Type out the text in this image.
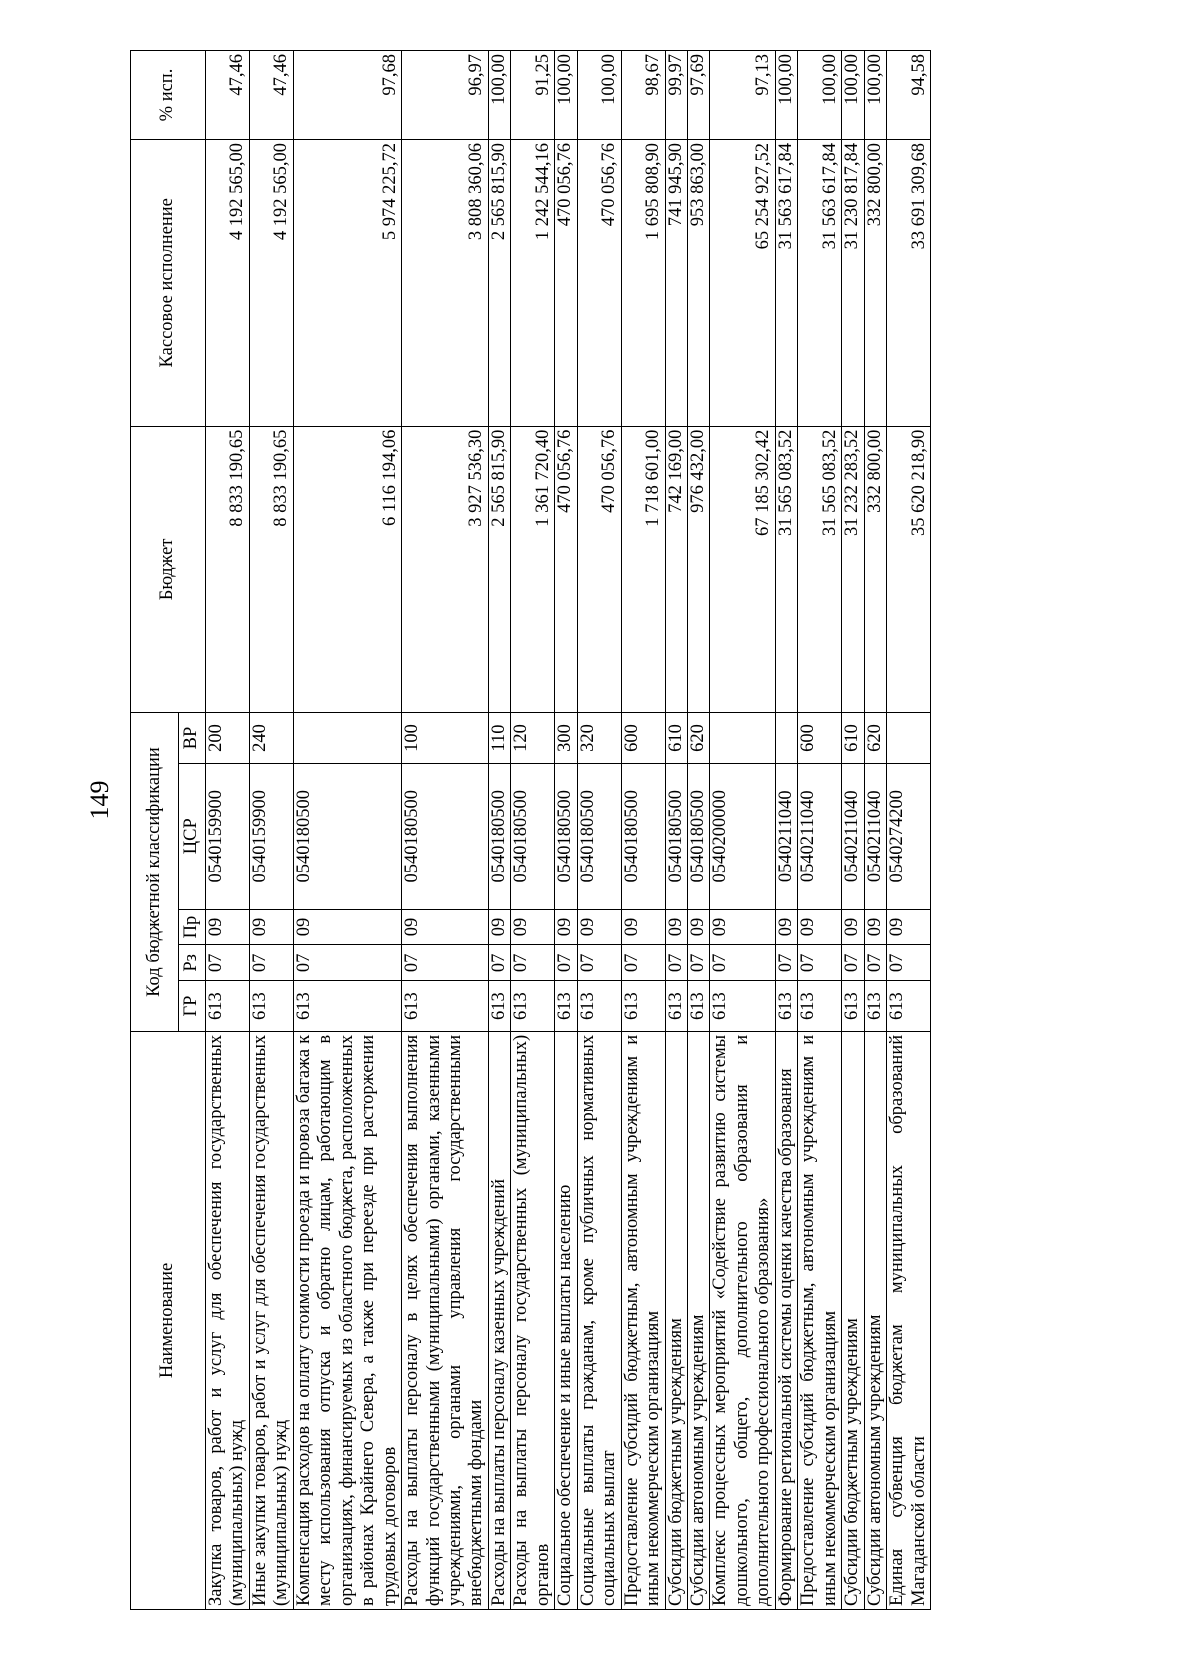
149
Наименование	Код бюджетной классификации					Бюджет	Кассовое исполнение	% исп.
	ГР	Рз	Пр	ЦСР	ВР			
Закупка товаров, работ и услуг для обеспечения государственных (муниципальных) нужд	613	07	09	0540159900	200	8 833 190,65	4 192 565,00	47,46
Иные закупки товаров, работ и услуг для обеспечения государственных (муниципальных) нужд	613	07	09	0540159900	240	8 833 190,65	4 192 565,00	47,46
Компенсация расходов на оплату стоимости проезда и провоза багажа к месту использования отпуска и обратно лицам, работающим в организациях, финансируемых из областного бюджета, расположенных в районах Крайнего Севера, а также при переезде при расторжении трудовых договоров	613	07	09	0540180500		6 116 194,06	5 974 225,72	97,68
Расходы на выплаты персоналу в целях обеспечения выполнения функций государственными (муниципальными) органами, казенными учреждениями, органами управления государственными внебюджетными фондами	613	07	09	0540180500	100	3 927 536,30	3 808 360,06	96,97
Расходы на выплаты персоналу казенных учреждений	613	07	09	0540180500	110	2 565 815,90	2 565 815,90	100,00
Расходы на выплаты персоналу государственных (муниципальных) органов	613	07	09	0540180500	120	1 361 720,40	1 242 544,16	91,25
Социальное обеспечение и иные выплаты населению	613	07	09	0540180500	300	470 056,76	470 056,76	100,00
Социальные выплаты гражданам, кроме публичных нормативных социальных выплат	613	07	09	0540180500	320	470 056,76	470 056,76	100,00
Предоставление субсидий бюджетным, автономным учреждениям и иным некоммерческим организациям	613	07	09	0540180500	600	1 718 601,00	1 695 808,90	98,67
Субсидии бюджетным учреждениям	613	07	09	0540180500	610	742 169,00	741 945,90	99,97
Субсидии автономным учреждениям	613	07	09	0540180500	620	976 432,00	953 863,00	97,69
Комплекс процессных мероприятий «Содействие развитию системы дошкольного, общего, дополнительного образования и дополнительного профессионального образования»	613	07	09	0540200000		67 185 302,42	65 254 927,52	97,13
Формирование региональной системы оценки качества образования	613	07	09	0540211040		31 565 083,52	31 563 617,84	100,00
Предоставление субсидий бюджетным, автономным учреждениям и иным некоммерческим организациям	613	07	09	0540211040	600	31 565 083,52	31 563 617,84	100,00
Субсидии бюджетным учреждениям	613	07	09	0540211040	610	31 232 283,52	31 230 817,84	100,00
Субсидии автономным учреждениям	613	07	09	0540211040	620	332 800,00	332 800,00	100,00
Единая субвенция бюджетам муниципальных образований Магаданской области	613	07	09	0540274200		35 620 218,90	33 691 309,68	94,58
